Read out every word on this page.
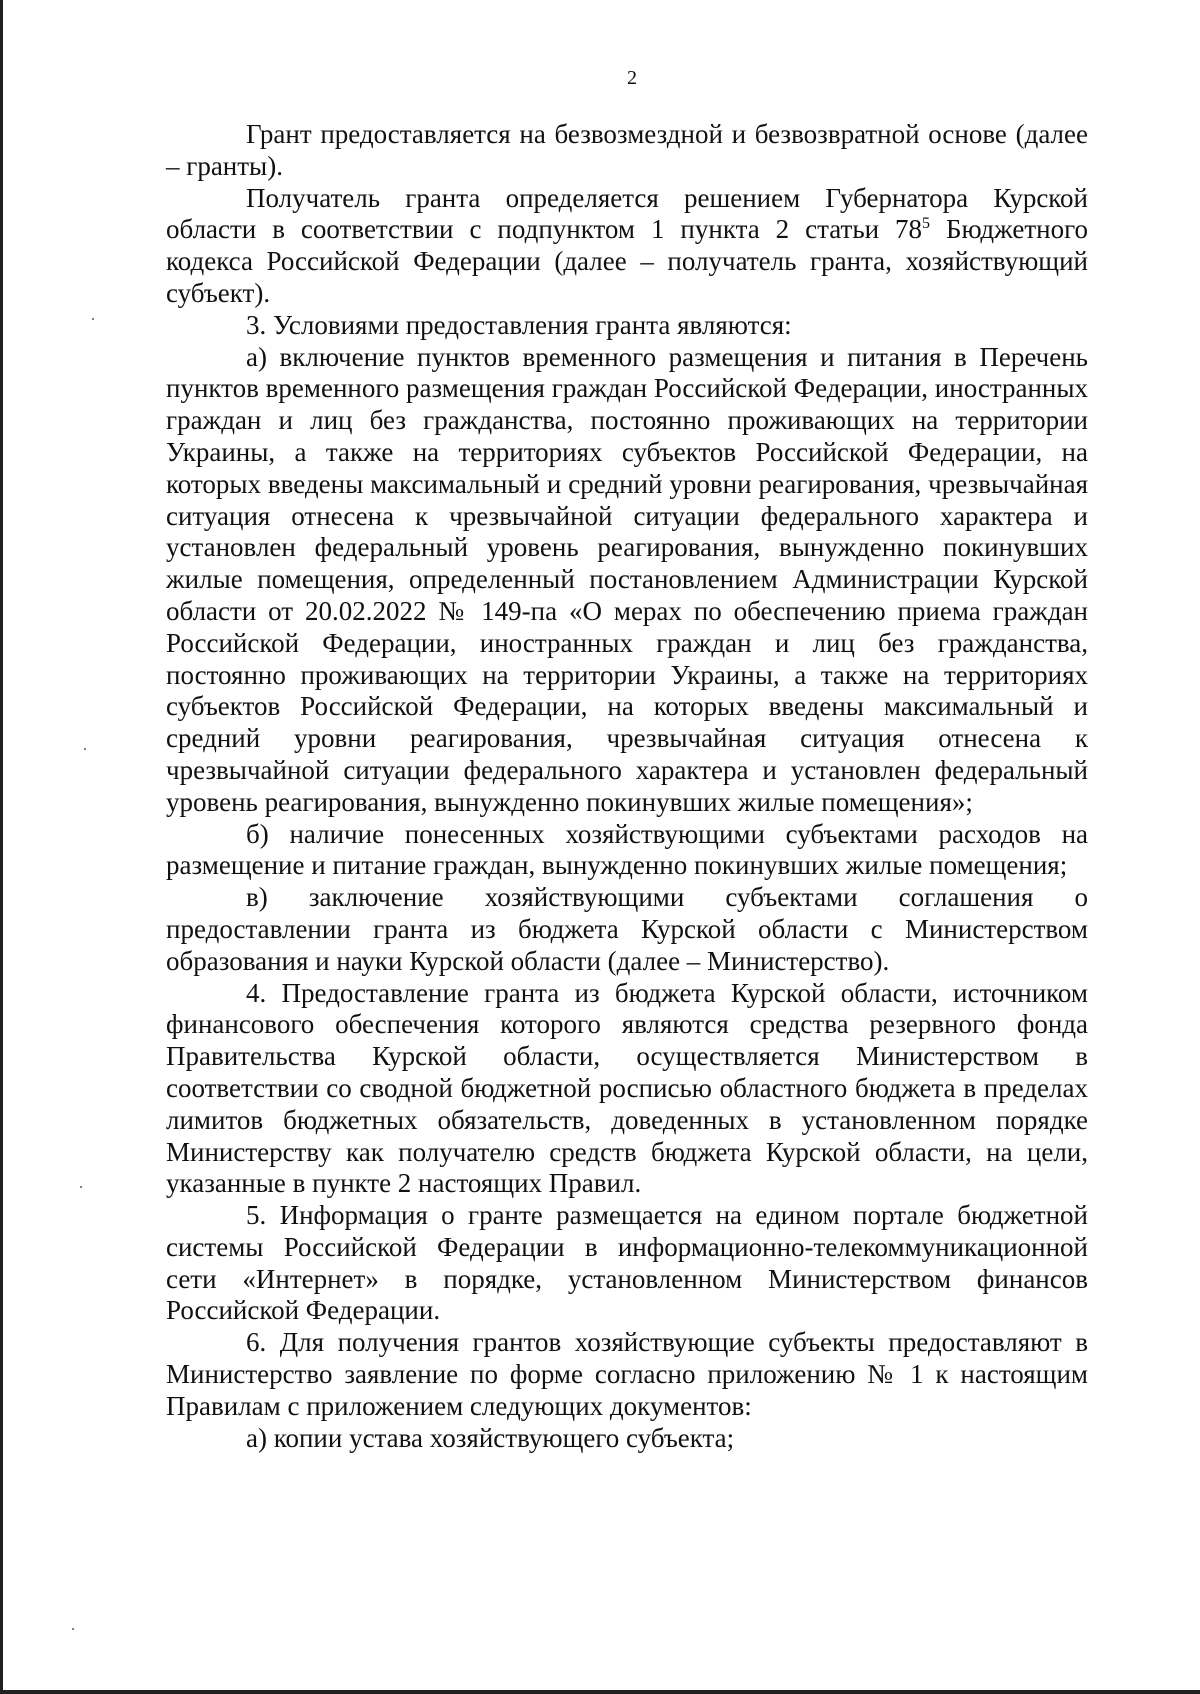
2

Грант предоставляется на безвозмездной и безвозвратной основе (далее – гранты).

Получатель гранта определяется решением Губернатора Курской области в соответствии с подпунктом 1 пункта 2 статьи $78^5$ Бюджетного кодекса Российской Федерации (далее – получатель гранта, хозяйствующий субъект).

3. Условиями предоставления гранта являются:

а) включение пунктов временного размещения и питания в Перечень пунктов временного размещения граждан Российской Федерации, иностранных граждан и лиц без гражданства, постоянно проживающих на территории Украины, а также на территориях субъектов Российской Федерации, на которых введены максимальный и средний уровни реагирования, чрезвычайная ситуация отнесена к чрезвычайной ситуации федерального характера и установлен федеральный уровень реагирования, вынужденно покинувших жилые помещения, определенный постановлением Администрации Курской области от 20.02.2022 № 149-па «О мерах по обеспечению приема граждан Российской Федерации, иностранных граждан и лиц без гражданства, постоянно проживающих на территории Украины, а также на территориях субъектов Российской Федерации, на которых введены максимальный и средний уровни реагирования, чрезвычайная ситуация отнесена к чрезвычайной ситуации федерального характера и установлен федеральный уровень реагирования, вынужденно покинувших жилые помещения»;

б) наличие понесенных хозяйствующими субъектами расходов на размещение и питание граждан, вынужденно покинувших жилые помещения;

в) заключение хозяйствующими субъектами соглашения о предоставлении гранта из бюджета Курской области с Министерством образования и науки Курской области (далее – Министерство).

4. Предоставление гранта из бюджета Курской области, источником финансового обеспечения которого являются средства резервного фонда Правительства Курской области, осуществляется Министерством в соответствии со сводной бюджетной росписью областного бюджета в пределах лимитов бюджетных обязательств, доведенных в установленном порядке Министерству как получателю средств бюджета Курской области, на цели, указанные в пункте 2 настоящих Правил.

5. Информация о гранте размещается на едином портале бюджетной системы Российской Федерации в информационно-телекоммуникационной сети «Интернет» в порядке, установленном Министерством финансов Российской Федерации.

6. Для получения грантов хозяйствующие субъекты предоставляют в Министерство заявление по форме согласно приложению № 1 к настоящим Правилам с приложением следующих документов:

а) копии устава хозяйствующего субъекта;
